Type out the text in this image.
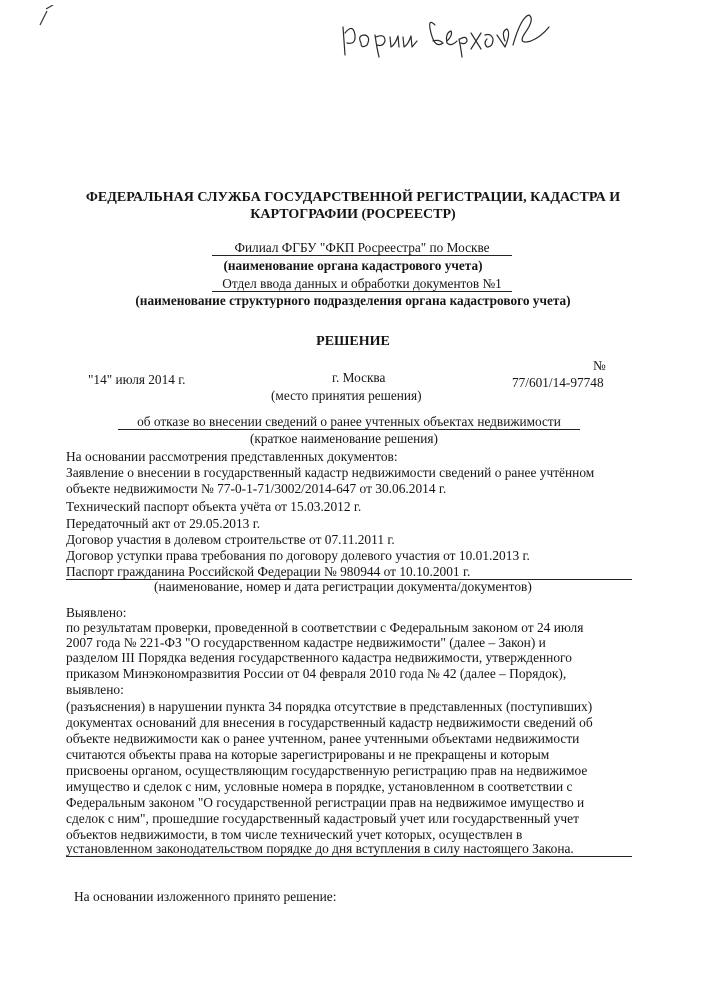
ФЕДЕРАЛЬНАЯ СЛУЖБА ГОСУДАРСТВЕННОЙ РЕГИСТРАЦИИ, КАДАСТРА И
КАРТОГРАФИИ (РОСРЕЕСТР)
Филиал ФГБУ "ФКП Росреестра" по Москве
(наименование органа кадастрового учета)
Отдел ввода данных и обработки документов №1
(наименование структурного подразделения органа кадастрового учета)
РЕШЕНИЕ
"14" июля 2014 г.	г. Москва
(место принятия решения)
№
77/601/14-97748
об отказе во внесении сведений о ранее учтенных объектах недвижимости
(краткое наименование решения)
На основании рассмотрения представленных документов:
Заявление о внесении в государственный кадастр недвижимости сведений о ранее учтённом
объекте недвижимости № 77-0-1-71/3002/2014-647 от 30.06.2014 г.
Технический паспорт объекта учёта от 15.03.2012 г.
Передаточный акт от 29.05.2013 г.
Договор участия в долевом строительстве от 07.11.2011 г.
Договор уступки права требования по договору долевого участия от 10.01.2013 г.
Паспорт гражданина Российской Федерации № 980944 от 10.10.2001 г.
(наименование, номер и дата регистрации документа/документов)
Выявлено:
по результатам проверки, проведенной в соответствии с Федеральным законом от 24 июля
2007 года № 221-ФЗ "О государственном кадастре недвижимости" (далее – Закон) и
разделом III Порядка ведения государственного кадастра недвижимости, утвержденного
приказом Минэкономразвития России от 04 февраля 2010 года № 42 (далее – Порядок),
выявлено:
(разъяснения) в нарушении пункта 34 порядка отсутствие в представленных (поступивших)
документах оснований для внесения в государственный кадастр недвижимости сведений об
объекте недвижимости как о ранее учтенном, ранее учтенными объектами недвижимости
считаются объекты права на которые зарегистрированы и не прекращены и которым
присвоены органом, осуществляющим государственную регистрацию прав на недвижимое
имущество и сделок с ним, условные номера в порядке, установленном в соответствии с
Федеральным законом "О государственной регистрации прав на недвижимое имущество и
сделок с ним", прошедшие государственный кадастровый учет или государственный учет
объектов недвижимости, в том числе технический учет которых, осуществлен в
установленном законодательством порядке до дня вступления в силу настоящего Закона.
На основании изложенного принято решение:
